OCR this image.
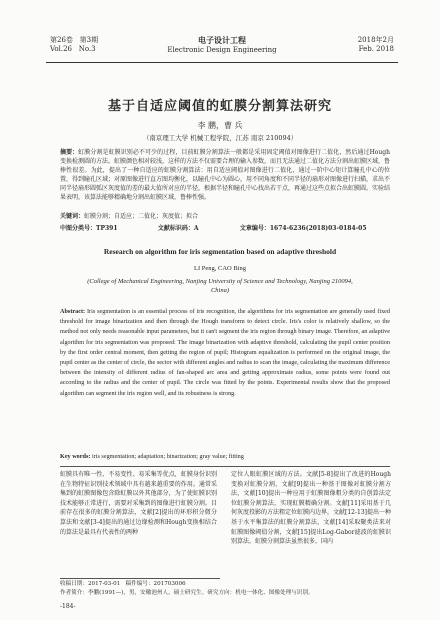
第26卷 第3期
Vol.26 No.3
电子设计工程
Electronic Design Engineering
2018年2月
Feb. 2018
基于自适应阈值的虹膜分割算法研究
李 鹏，曹 兵
（南京理工大学 机械工程学院，江苏 南京 210094）
摘要：虹膜分割是虹膜识别必不可少的过程，目前虹膜分割算法一般都是采用固定阈值对图像进行二值化，然后通过Hough变换检测圆的方法。虹膜颜色相对较浅，这样的方法不仅需要合理的输入参数，而且无法通过二值化方法分割出虹膜区域，鲁棒性很差。为此，提出了一种自适应的虹膜分割算法：用自适应阈值对图像进行二值化，通过一阶中心矩计算瞳孔中心的位置，得到瞳孔区域；对原图像进行直方图均衡化，以瞳孔中心为圆心，用不同角度和不同半径的扇形对图像进行扫描，求出不同半径扇形圆弧区灰度值的差的最大值所对应的半径，根据半径和瞳孔中心找出若干点，再通过这些点拟合出虹膜圆。实验结果表明，该算法能够精确地分割出虹膜区域，鲁棒性强。
关键词：虹膜分割；自适应；二值化；灰度值；拟合
中图分类号：TP391	文献标识码：A	文章编号：1674-6236(2018)03-0184-05
Research on algorithm for iris segmentation based on adaptive threshold
LI Peng, CAO Bing
(College of Mechanical Engineering, Nanjing University of Science and Technology, Nanjing 210094, China)
Abstract: Iris segmentation is an essential process of iris recognition, the algorithms for iris segmentation are generally used fixed threshold for image binarization and then through the Hough transform to detect circle. Iris's color is relatively shallow, so the method not only needs reasonable input parameters, but it can't segment the iris region through binary image. Therefore, an adaptive algorithm for iris segmentation was proposed: The image binarization with adaptive threshold, calculating the pupil center position by the first order central moment, then getting the region of pupil; Histogram equalization is performed on the original image, the pupil center as the center of circle, the sector with different angles and radius to scan the image, calculating the maximum difference between the intensity of different radius of fan-shaped arc area and getting approximate radius, some points were found out according to the radius and the center of pupil. The circle was fitted by the points. Experimental results show that the proposed algorithm can segment the iris region well, and its robustness is strong.
Key words: iris segmentation; adaptation; binarization; gray value; fitting
虹膜具有唯一性、不易变性、易采集等优点，虹膜身份识别在生物特征识别技术领域中具有越来越重要的作用。通常采集到的虹膜图像包含除虹膜以外其他部分，为了使虹膜识别技术能够正常进行，需要对采集到的图像进行虹膜分割。目前存在很多的虹膜分割算法，文献[2]提出的环形积分微分算法和文献[3-4]提出的通过边缘检测和Hough变换相结合的算法是最具有代表性的两种
定位人眼虹膜区域的方法。文献[5-8]提出了改进的Hough变换对虹膜分割，文献[9]提出一种基于图像对虹膜分割方法，文献[10]提出一种应用于虹膜图像粗分类的自创算法定位虹膜分割算法，实现虹膜精确分割。文献[11]采用基于几何灰度投影的方法粗定位虹膜内边界，文献[12-13]提出一种基于水平集算法的虹膜分割算法，文献[14]采取聚类法来对虹膜图像阈值分割，文献[15]提出Log-Gabor滤波的虹膜识别算法。虹膜分割算法虽然很多，国内
收稿日期：2017-03-01 稿件编号：201703006

作者简介：李鹏(1991—)，男，安徽池州人，硕士研究生。研究方向：机电一体化、图像处理与识别。
-184-
